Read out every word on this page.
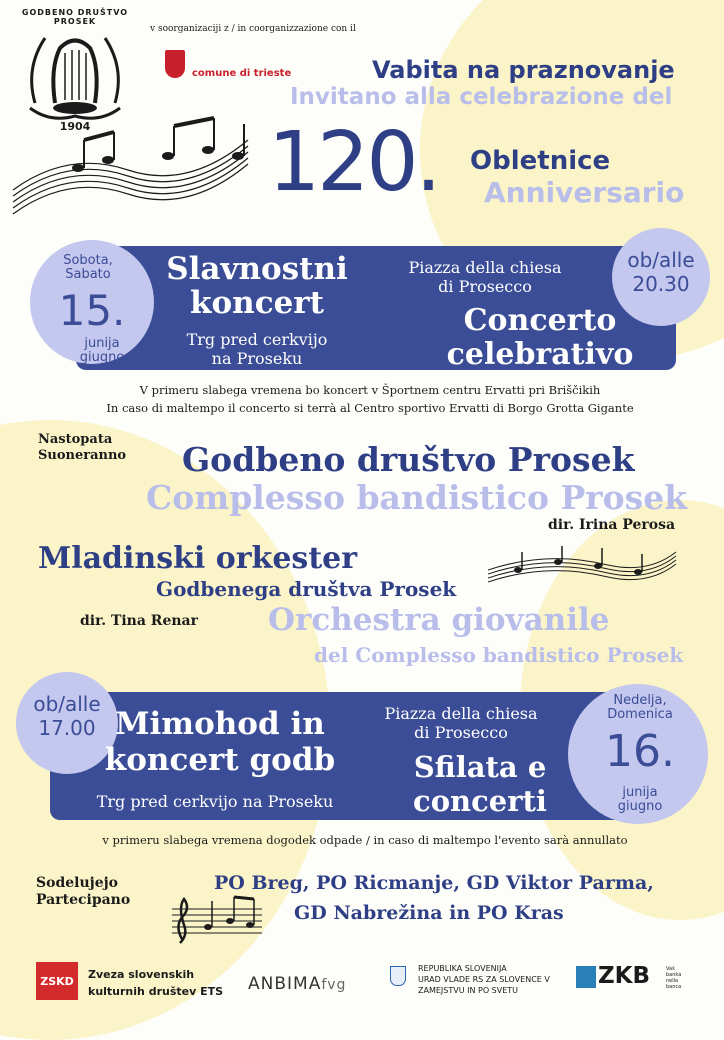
GODBENO DRUŠTVO PROSEK
1904
v soorganizaciji z / in coorganizzazione con il
comune di trieste	Vabita na praznovanje
Invitano alla celebrazione del
120. Obletnice
Anniversario
Sobota,
Sabato
15.
junija
giugno
Slavnostni
koncert
Trg pred cerkvijo
na Proseku
Piazza della chiesa
di Prosecco
Concerto
celebrativo
ob/alle
20.30
V primeru slabega vremena bo koncert v Športnem centru Ervatti pri Briščikih
In caso di maltempo il concerto si terrà al Centro sportivo Ervatti di Borgo Grotta Gigante
Nastopata
Suoneranno Godbeno društvo Prosek
Complesso bandistico Prosek
dir. Irina Perosa
Mladinski orkester
Godbenega društva Prosek
dir. Tina Renar Orchestra giovanile
del Complesso bandistico Prosek
ob/alle
17.00 Mimohod in
koncert godb
Trg pred cerkvijo na Proseku
Piazza della chiesa
di Prosecco
Sfilata e
concerti
Nedelja,
Domenica
16.
junija
giugno
v primeru slabega vremena dogodek odpade / in caso di maltempo l'evento sarà annullato
Sodelujejo
Partecipano
PO Breg, PO Ricmanje, GD Viktor Parma,
GD Nabrežina in PO Kras
ZSKD Zveza slovenskih
kulturnih društev ETS ANBIMAfvg
REPUBLIKA SLOVENIJA
URAD VLADE RS ZA SLOVENCE V
ZAMEJSTVU IN PO SVETU
ZKB	Vaš
banka
nella
banca
